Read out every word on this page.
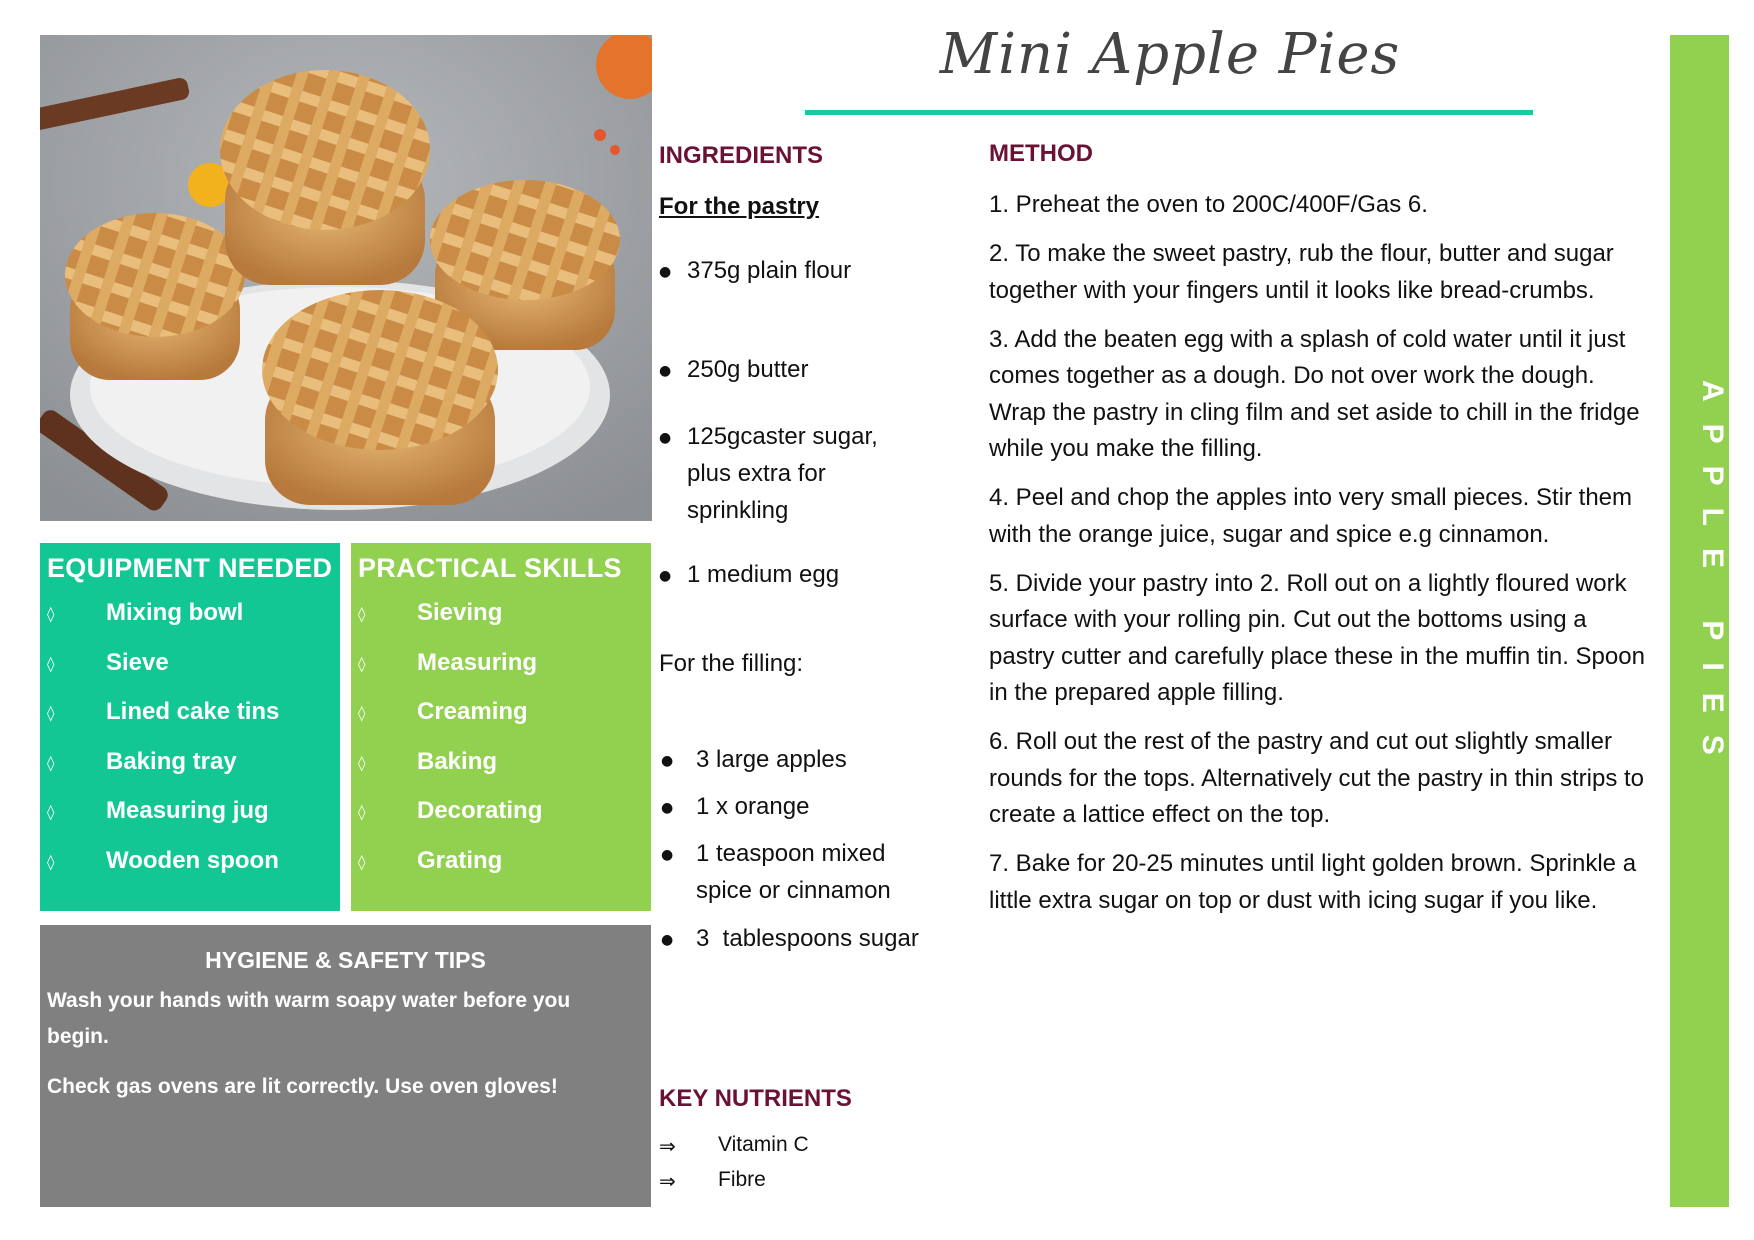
EQUIPMENT NEEDED
◊ Mixing bowl
◊ Sieve
◊ Lined cake tins
◊ Baking tray
◊ Measuring jug
◊ Wooden spoon
PRACTICAL SKILLS
◊ Sieving
◊ Measuring
◊ Creaming
◊ Baking
◊ Decorating
◊ Grating
HYGIENE & SAFETY TIPS

Wash your hands with warm soapy water before you begin.

Check gas ovens are lit correctly. Use oven gloves!

Mini Apple Pies
INGREDIENTS
For the pastry
● 375g plain flour
● 250g butter
● 125gcaster sugar, plus extra for sprinkling
● 1 medium egg
For the filling:
● 3 large apples
● 1 x orange
● 1 teaspoon mixed spice or cinnamon
● 3  tablespoons sugar
KEY NUTRIENTS
⇒ Vitamin C
⇒ Fibre
METHOD

1. Preheat the oven to 200C/400F/Gas 6.

2. To make the sweet pastry, rub the flour, butter and sugar together with your fingers until it looks like bread-crumbs.

3. Add the beaten egg with a splash of cold water until it just comes together as a dough. Do not over work the dough. Wrap the pastry in cling film and set aside to chill in the fridge while you make the filling.

4. Peel and chop the apples into very small pieces. Stir them with the orange juice, sugar and spice e.g cinnamon.

5. Divide your pastry into 2. Roll out on a lightly floured work surface with your rolling pin. Cut out the bottoms using a pastry cutter and carefully place these in the muffin tin. Spoon in the prepared apple filling.

6. Roll out the rest of the pastry and cut out slightly smaller rounds for the tops. Alternatively cut the pastry in thin strips to create a lattice effect on the top.

7. Bake for 20-25 minutes until light golden brown. Sprinkle a little extra sugar on top or dust with icing sugar if you like.

APPLE PIES
